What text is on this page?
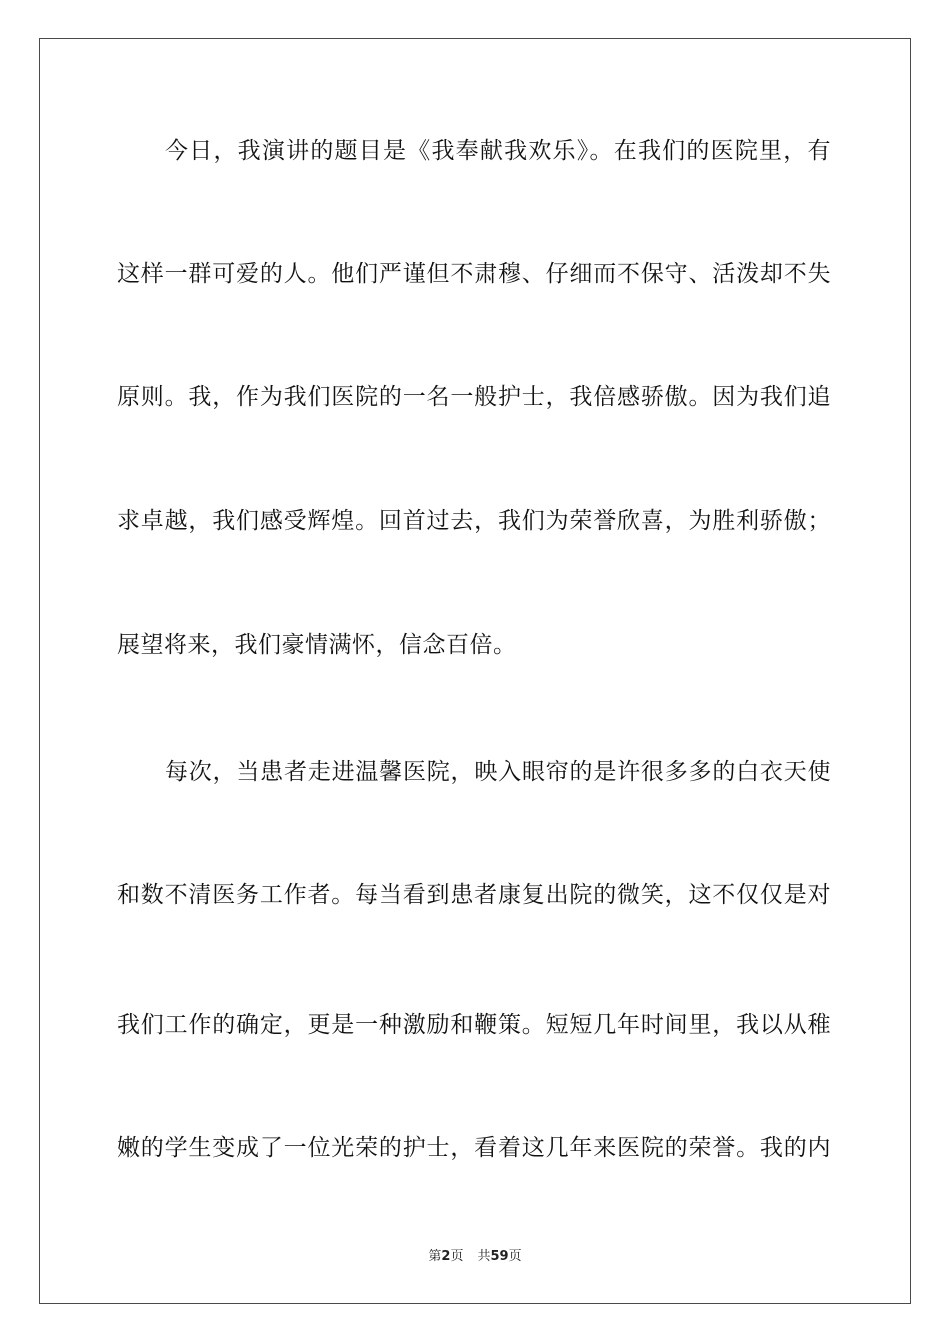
今日，我演讲的题目是《我奉献我欢乐》。在我们的医院里，有
这样一群可爱的人。他们严谨但不肃穆、仔细而不保守、活泼却不失
原则。我，作为我们医院的一名一般护士，我倍感骄傲。因为我们追
求卓越，我们感受辉煌。回首过去，我们为荣誉欣喜，为胜利骄傲；
展望将来，我们豪情满怀，信念百倍。
每次，当患者走进温馨医院，映入眼帘的是许很多多的白衣天使
和数不清医务工作者。每当看到患者康复出院的微笑，这不仅仅是对
我们工作的确定，更是一种激励和鞭策。短短几年时间里，我以从稚
嫩的学生变成了一位光荣的护士，看着这几年来医院的荣誉。我的内
第2页 共59页
